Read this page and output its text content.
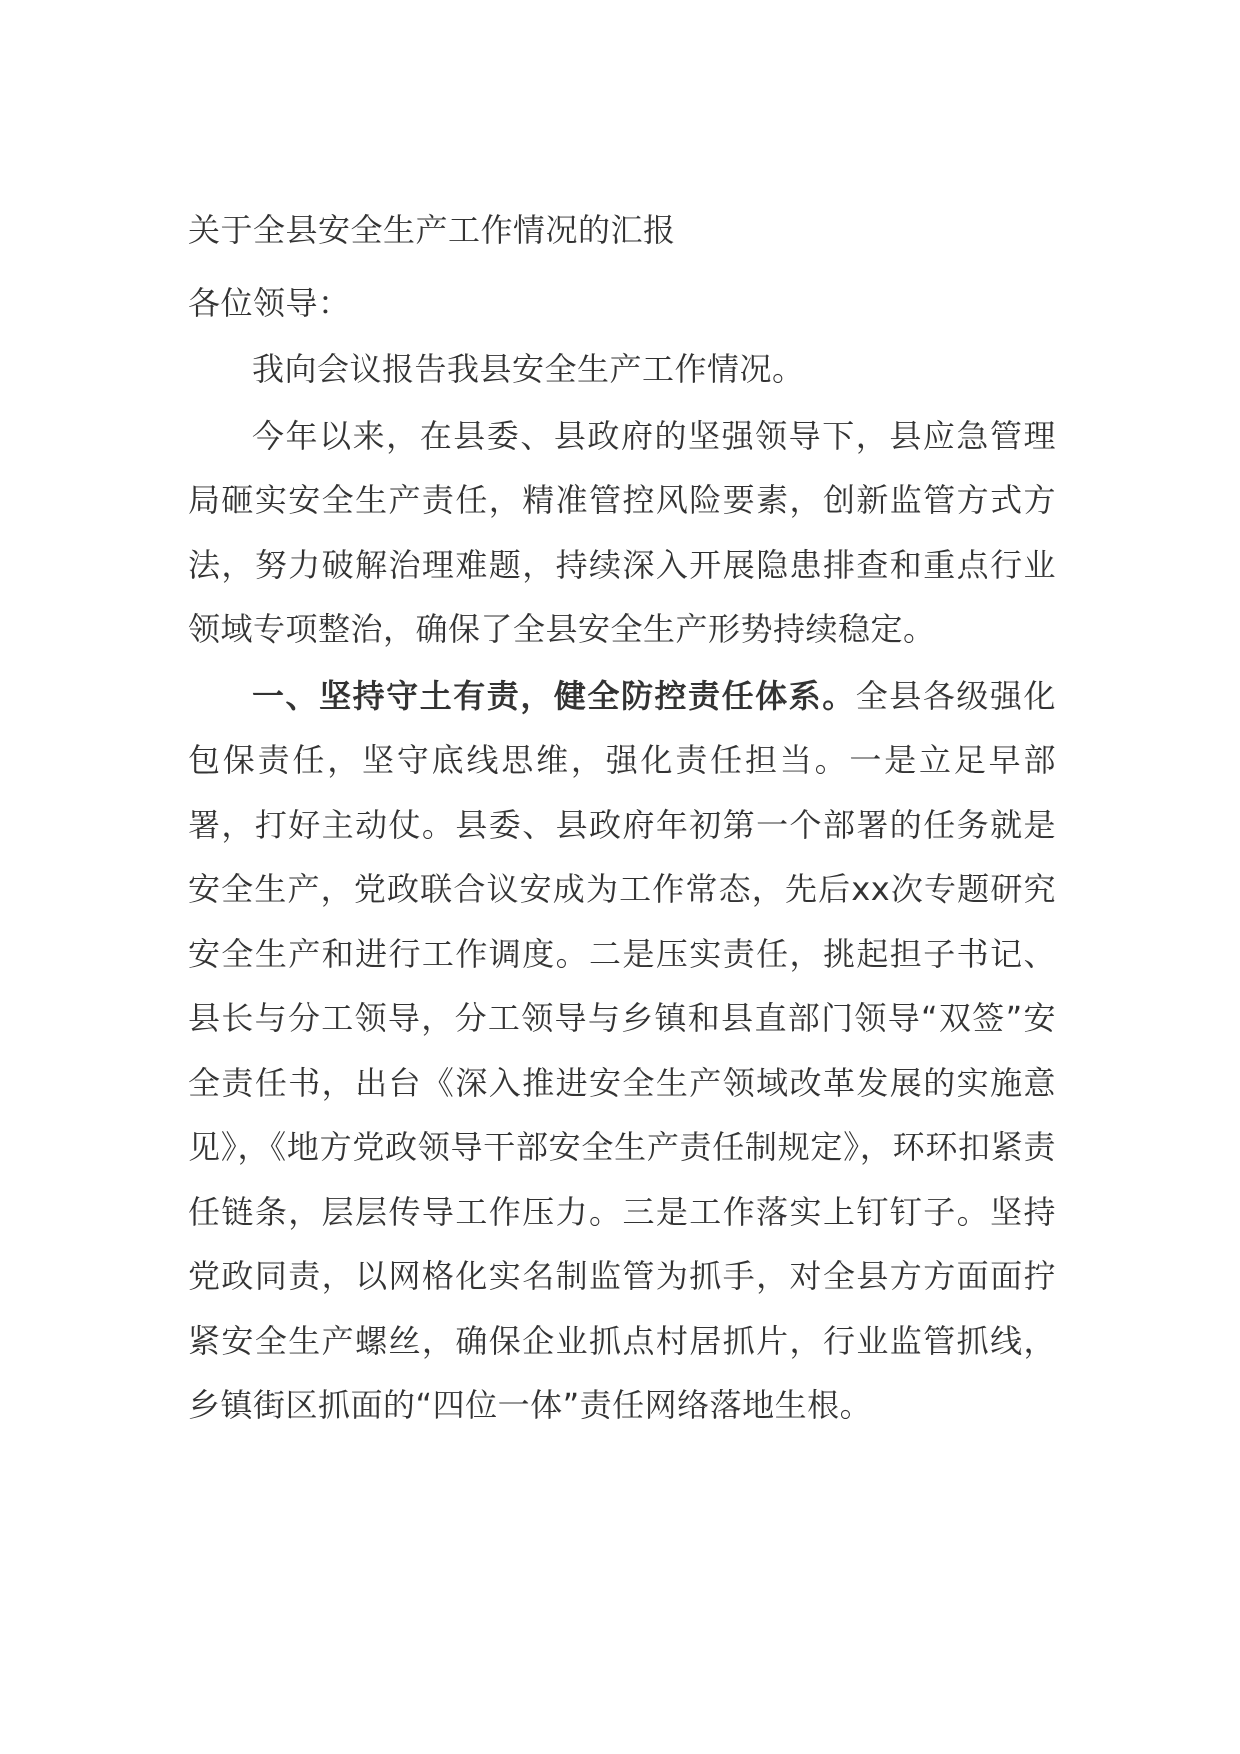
关于全县安全生产工作情况的汇报

各位领导：

我向会议报告我县安全生产工作情况。

今年以来，在县委、县政府的坚强领导下，县应急管理局砸实安全生产责任，精准管控风险要素，创新监管方式方法，努力破解治理难题，持续深入开展隐患排查和重点行业领域专项整治，确保了全县安全生产形势持续稳定。

一、坚持守土有责，健全防控责任体系。全县各级强化包保责任，坚守底线思维，强化责任担当。一是立足早部署，打好主动仗。县委、县政府年初第一个部署的任务就是安全生产，党政联合议安成为工作常态，先后xx次专题研究安全生产和进行工作调度。二是压实责任，挑起担子书记、县长与分工领导，分工领导与乡镇和县直部门领导“双签”安全责任书，出台《深入推进安全生产领域改革发展的实施意见》，《地方党政领导干部安全生产责任制规定》，环环扣紧责任链条，层层传导工作压力。三是工作落实上钉钉子。坚持党政同责，以网格化实名制监管为抓手，对全县方方面面拧紧安全生产螺丝，确保企业抓点村居抓片，行业监管抓线，乡镇街区抓面的“四位一体”责任网络落地生根。
